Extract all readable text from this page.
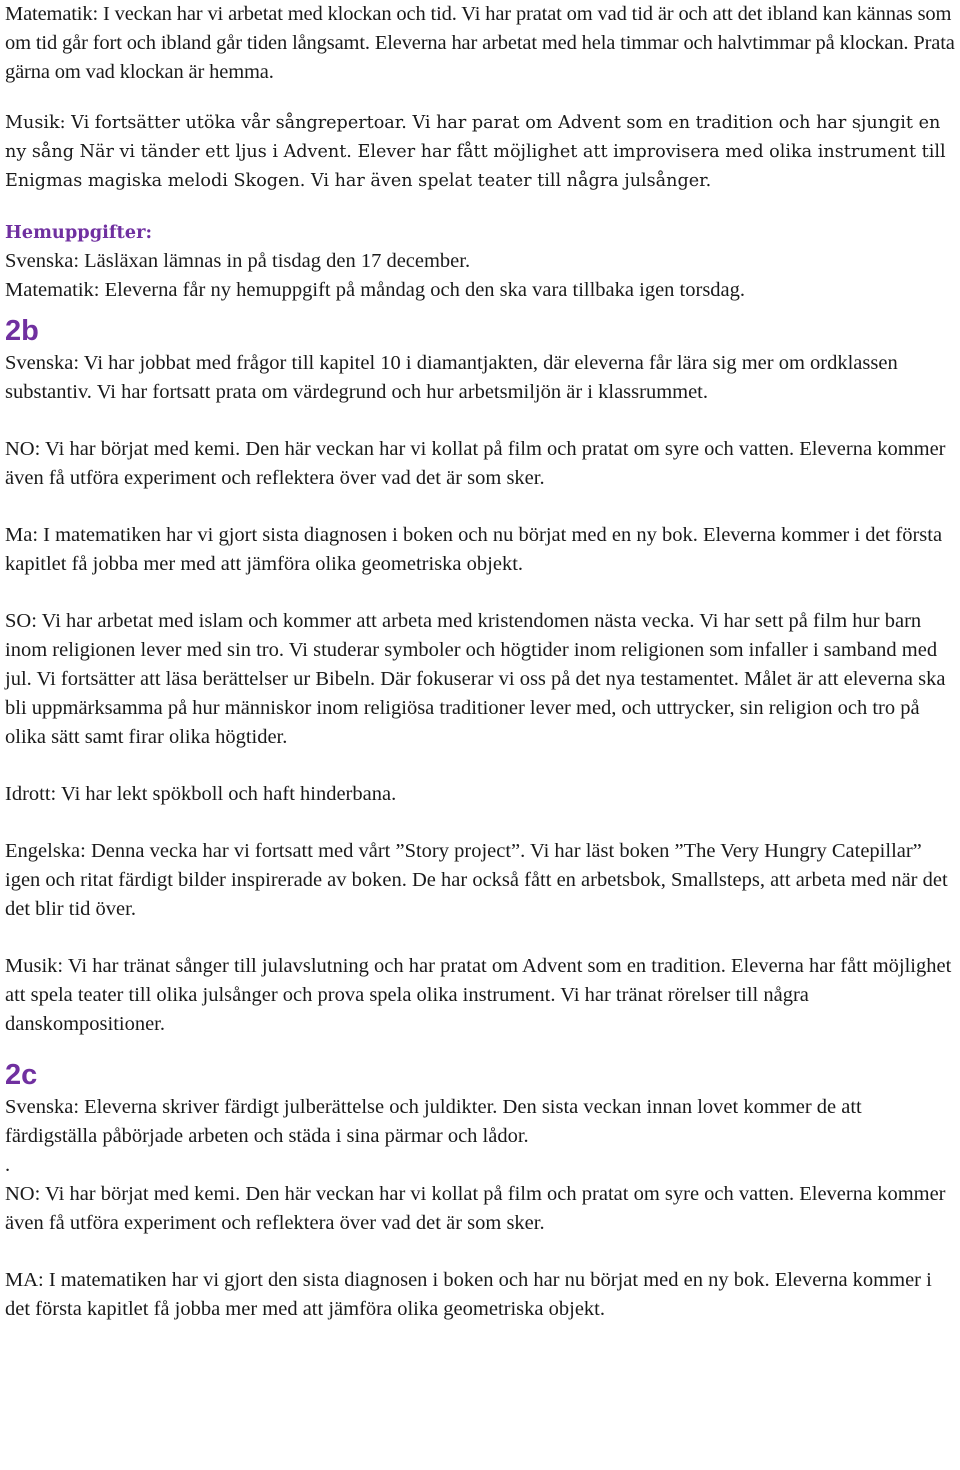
Matematik: I veckan har vi arbetat med klockan och tid. Vi har pratat om vad tid är och att det ibland kan kännas som om tid går fort och ibland går tiden långsamt. Eleverna har arbetat med hela timmar och halvtimmar på klockan. Prata gärna om vad klockan är hemma.

Musik: Vi fortsätter utöka vår sångrepertoar. Vi har parat om Advent som en tradition och har sjungit en ny sång När vi tänder ett ljus i Advent. Elever har fått möjlighet att improvisera med olika instrument till Enigmas magiska melodi Skogen. Vi har även spelat teater till några julsånger.

Hemuppgifter:

Svenska: Läsläxan lämnas in på tisdag den 17 december.

Matematik: Eleverna får ny hemuppgift på måndag och den ska vara tillbaka igen torsdag.

2b

Svenska: Vi har jobbat med frågor till kapitel 10 i diamantjakten, där eleverna får lära sig mer om ordklassen substantiv. Vi har fortsatt prata om värdegrund och hur arbetsmiljön är i klassrummet.

NO: Vi har börjat med kemi. Den här veckan har vi kollat på film och pratat om syre och vatten. Eleverna kommer även få utföra experiment och reflektera över vad det är som sker.

Ma: I matematiken har vi gjort sista diagnosen i boken och nu börjat med en ny bok. Eleverna kommer i det första kapitlet få jobba mer med att jämföra olika geometriska objekt.

SO: Vi har arbetat med islam och kommer att arbeta med kristendomen nästa vecka. Vi har sett på film hur barn inom religionen lever med sin tro. Vi studerar symboler och högtider inom religionen som infaller i samband med jul. Vi fortsätter att läsa berättelser ur Bibeln. Där fokuserar vi oss på det nya testamentet. Målet är att eleverna ska bli uppmärksamma på hur människor inom religiösa traditioner lever med, och uttrycker, sin religion och tro på olika sätt samt firar olika högtider.

Idrott: Vi har lekt spökboll och haft hinderbana.

Engelska: Denna vecka har vi fortsatt med vårt ”Story project”. Vi har läst boken ”The Very Hungry Catepillar” igen och ritat färdigt bilder inspirerade av boken. De har också fått en arbetsbok, Smallsteps, att arbeta med när det det blir tid över.

Musik: Vi har tränat sånger till julavslutning och har pratat om Advent som en tradition. Eleverna har fått möjlighet att spela teater till olika julsånger och prova spela olika instrument. Vi har tränat rörelser till några danskompositioner.

2c

Svenska: Eleverna skriver färdigt julberättelse och juldikter. Den sista veckan innan lovet kommer de att färdigställa påbörjade arbeten och städa i sina pärmar och lådor.

.

NO: Vi har börjat med kemi. Den här veckan har vi kollat på film och pratat om syre och vatten. Eleverna kommer även få utföra experiment och reflektera över vad det är som sker.

MA: I matematiken har vi gjort den sista diagnosen i boken och har nu börjat med en ny bok. Eleverna kommer i det första kapitlet få jobba mer med att jämföra olika geometriska objekt.
